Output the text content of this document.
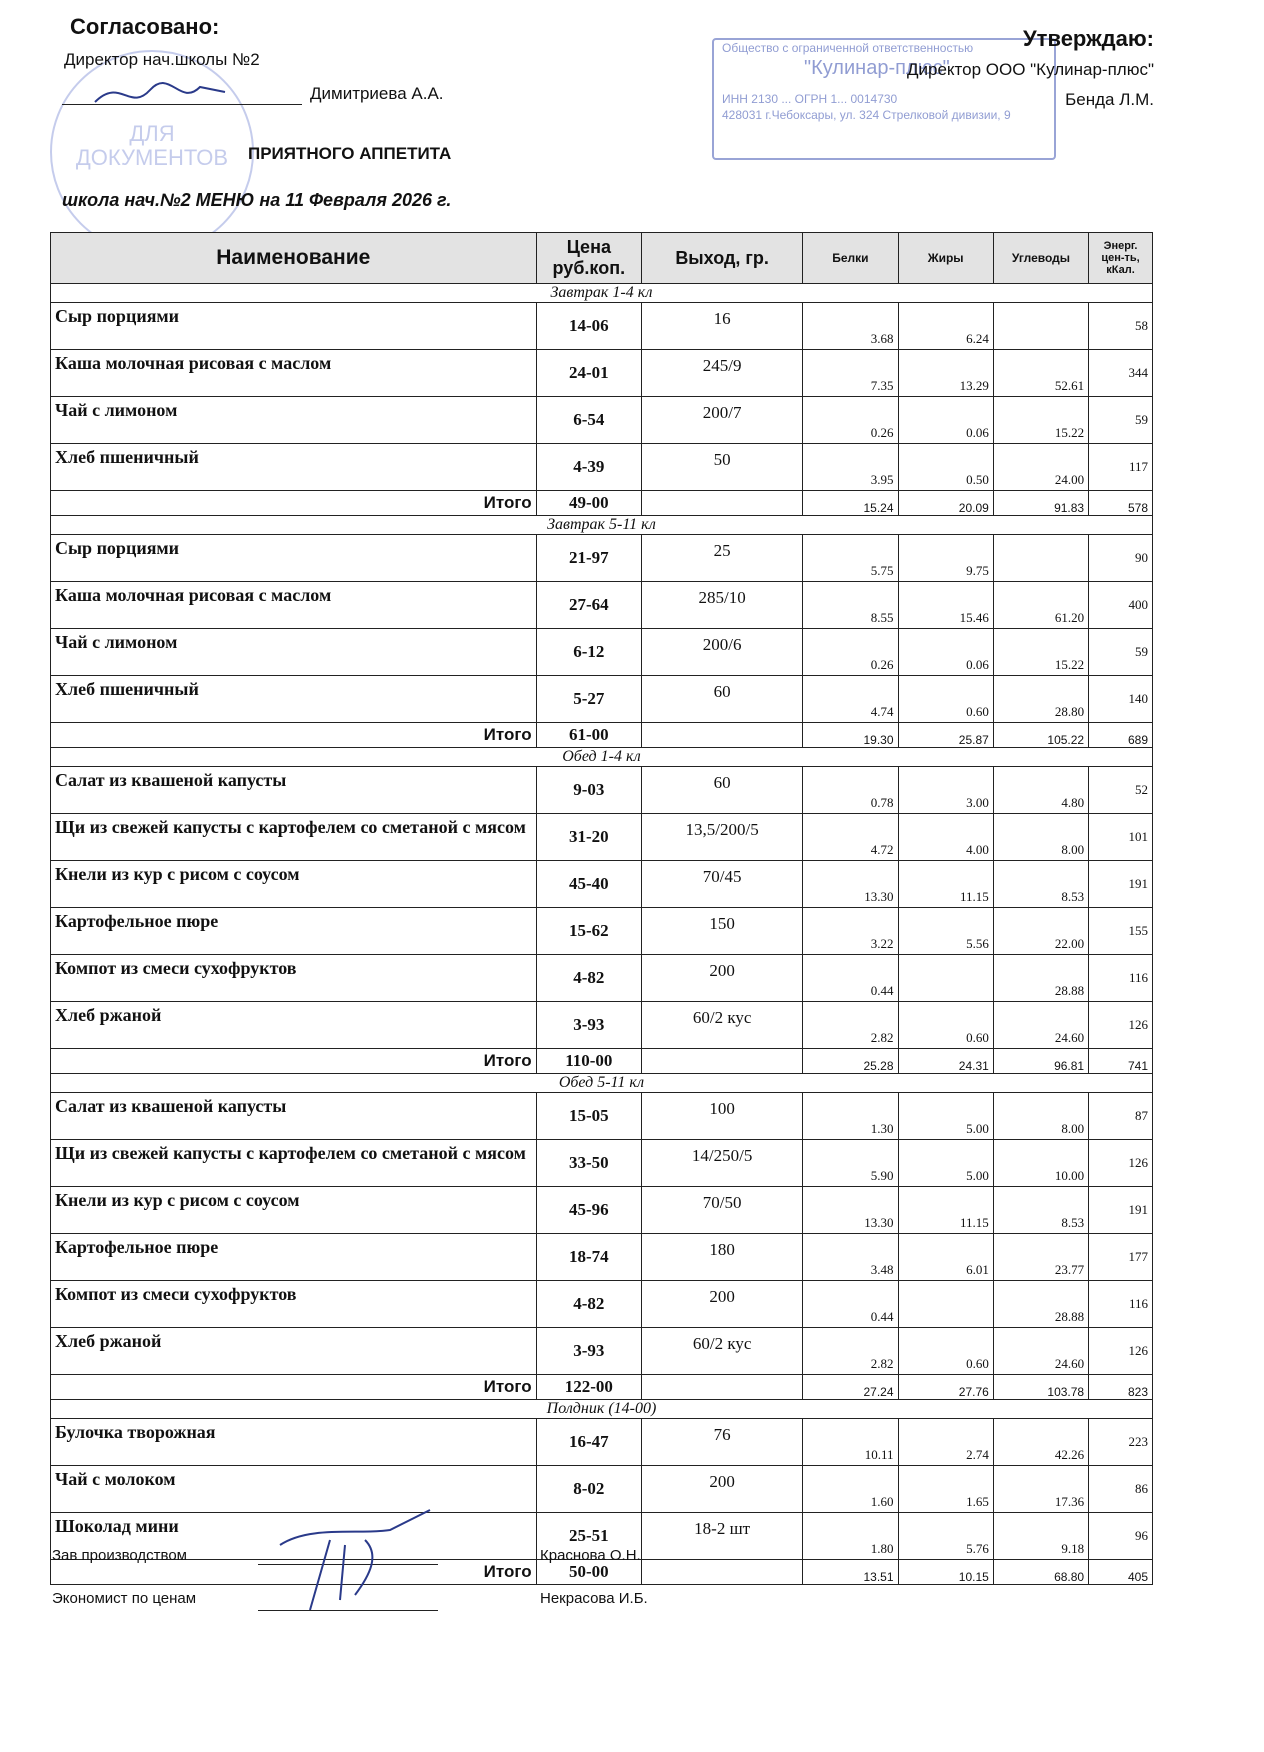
ДЛЯ ДОКУМЕНТОВ
Общество с ограниченной ответственностью
"Кулинар-плюс"
ИНН 2130 ... ОГРН 1... 0014730
428031 г.Чебоксары, ул. 324 Стрелковой дивизии, 9
Согласовано:
Директор нач.школы №2
Димитриева А.А.
Утверждаю:
Директор ООО "Кулинар-плюс"
Бенда Л.М.
ПРИЯТНОГО АППЕТИТА
школа нач.№2 МЕНЮ на 11 Февраля 2026 г.
Наименование	Цена руб.коп.	Выход, гр.	Белки	Жиры	Углеводы	Энерг. цен-ть, кКал.
Завтрак 1-4 кл						
Сыр порциями	14-06	16	3.68	6.24		58
Каша молочная рисовая с маслом	24-01	245/9	7.35	13.29	52.61	344
Чай с лимоном	6-54	200/7	0.26	0.06	15.22	59
Хлеб пшеничный	4-39	50	3.95	0.50	24.00	117
Итого	49-00		15.24	20.09	91.83	578
Завтрак 5-11 кл						
Сыр порциями	21-97	25	5.75	9.75		90
Каша молочная рисовая с маслом	27-64	285/10	8.55	15.46	61.20	400
Чай с лимоном	6-12	200/6	0.26	0.06	15.22	59
Хлеб пшеничный	5-27	60	4.74	0.60	28.80	140
Итого	61-00		19.30	25.87	105.22	689
Обед 1-4 кл						
Салат из квашеной капусты	9-03	60	0.78	3.00	4.80	52
Щи из свежей капусты с картофелем со сметаной с мясом	31-20	13,5/200/5	4.72	4.00	8.00	101
Кнели из кур с рисом с соусом	45-40	70/45	13.30	11.15	8.53	191
Картофельное пюре	15-62	150	3.22	5.56	22.00	155
Компот из смеси сухофруктов	4-82	200	0.44		28.88	116
Хлеб ржаной	3-93	60/2 кус	2.82	0.60	24.60	126
Итого	110-00		25.28	24.31	96.81	741
Обед 5-11 кл						
Салат из квашеной капусты	15-05	100	1.30	5.00	8.00	87
Щи из свежей капусты с картофелем со сметаной с мясом	33-50	14/250/5	5.90	5.00	10.00	126
Кнели из кур с рисом с соусом	45-96	70/50	13.30	11.15	8.53	191
Картофельное пюре	18-74	180	3.48	6.01	23.77	177
Компот из смеси сухофруктов	4-82	200	0.44		28.88	116
Хлеб ржаной	3-93	60/2 кус	2.82	0.60	24.60	126
Итого	122-00		27.24	27.76	103.78	823
Полдник (14-00)						
Булочка творожная	16-47	76	10.11	2.74	42.26	223
Чай с молоком	8-02	200	1.60	1.65	17.36	86
Шоколад мини	25-51	18-2 шт	1.80	5.76	9.18	96
Итого	50-00		13.51	10.15	68.80	405
Зав производством	Краснова О.Н.
Экономист по ценам	Некрасова И.Б.
